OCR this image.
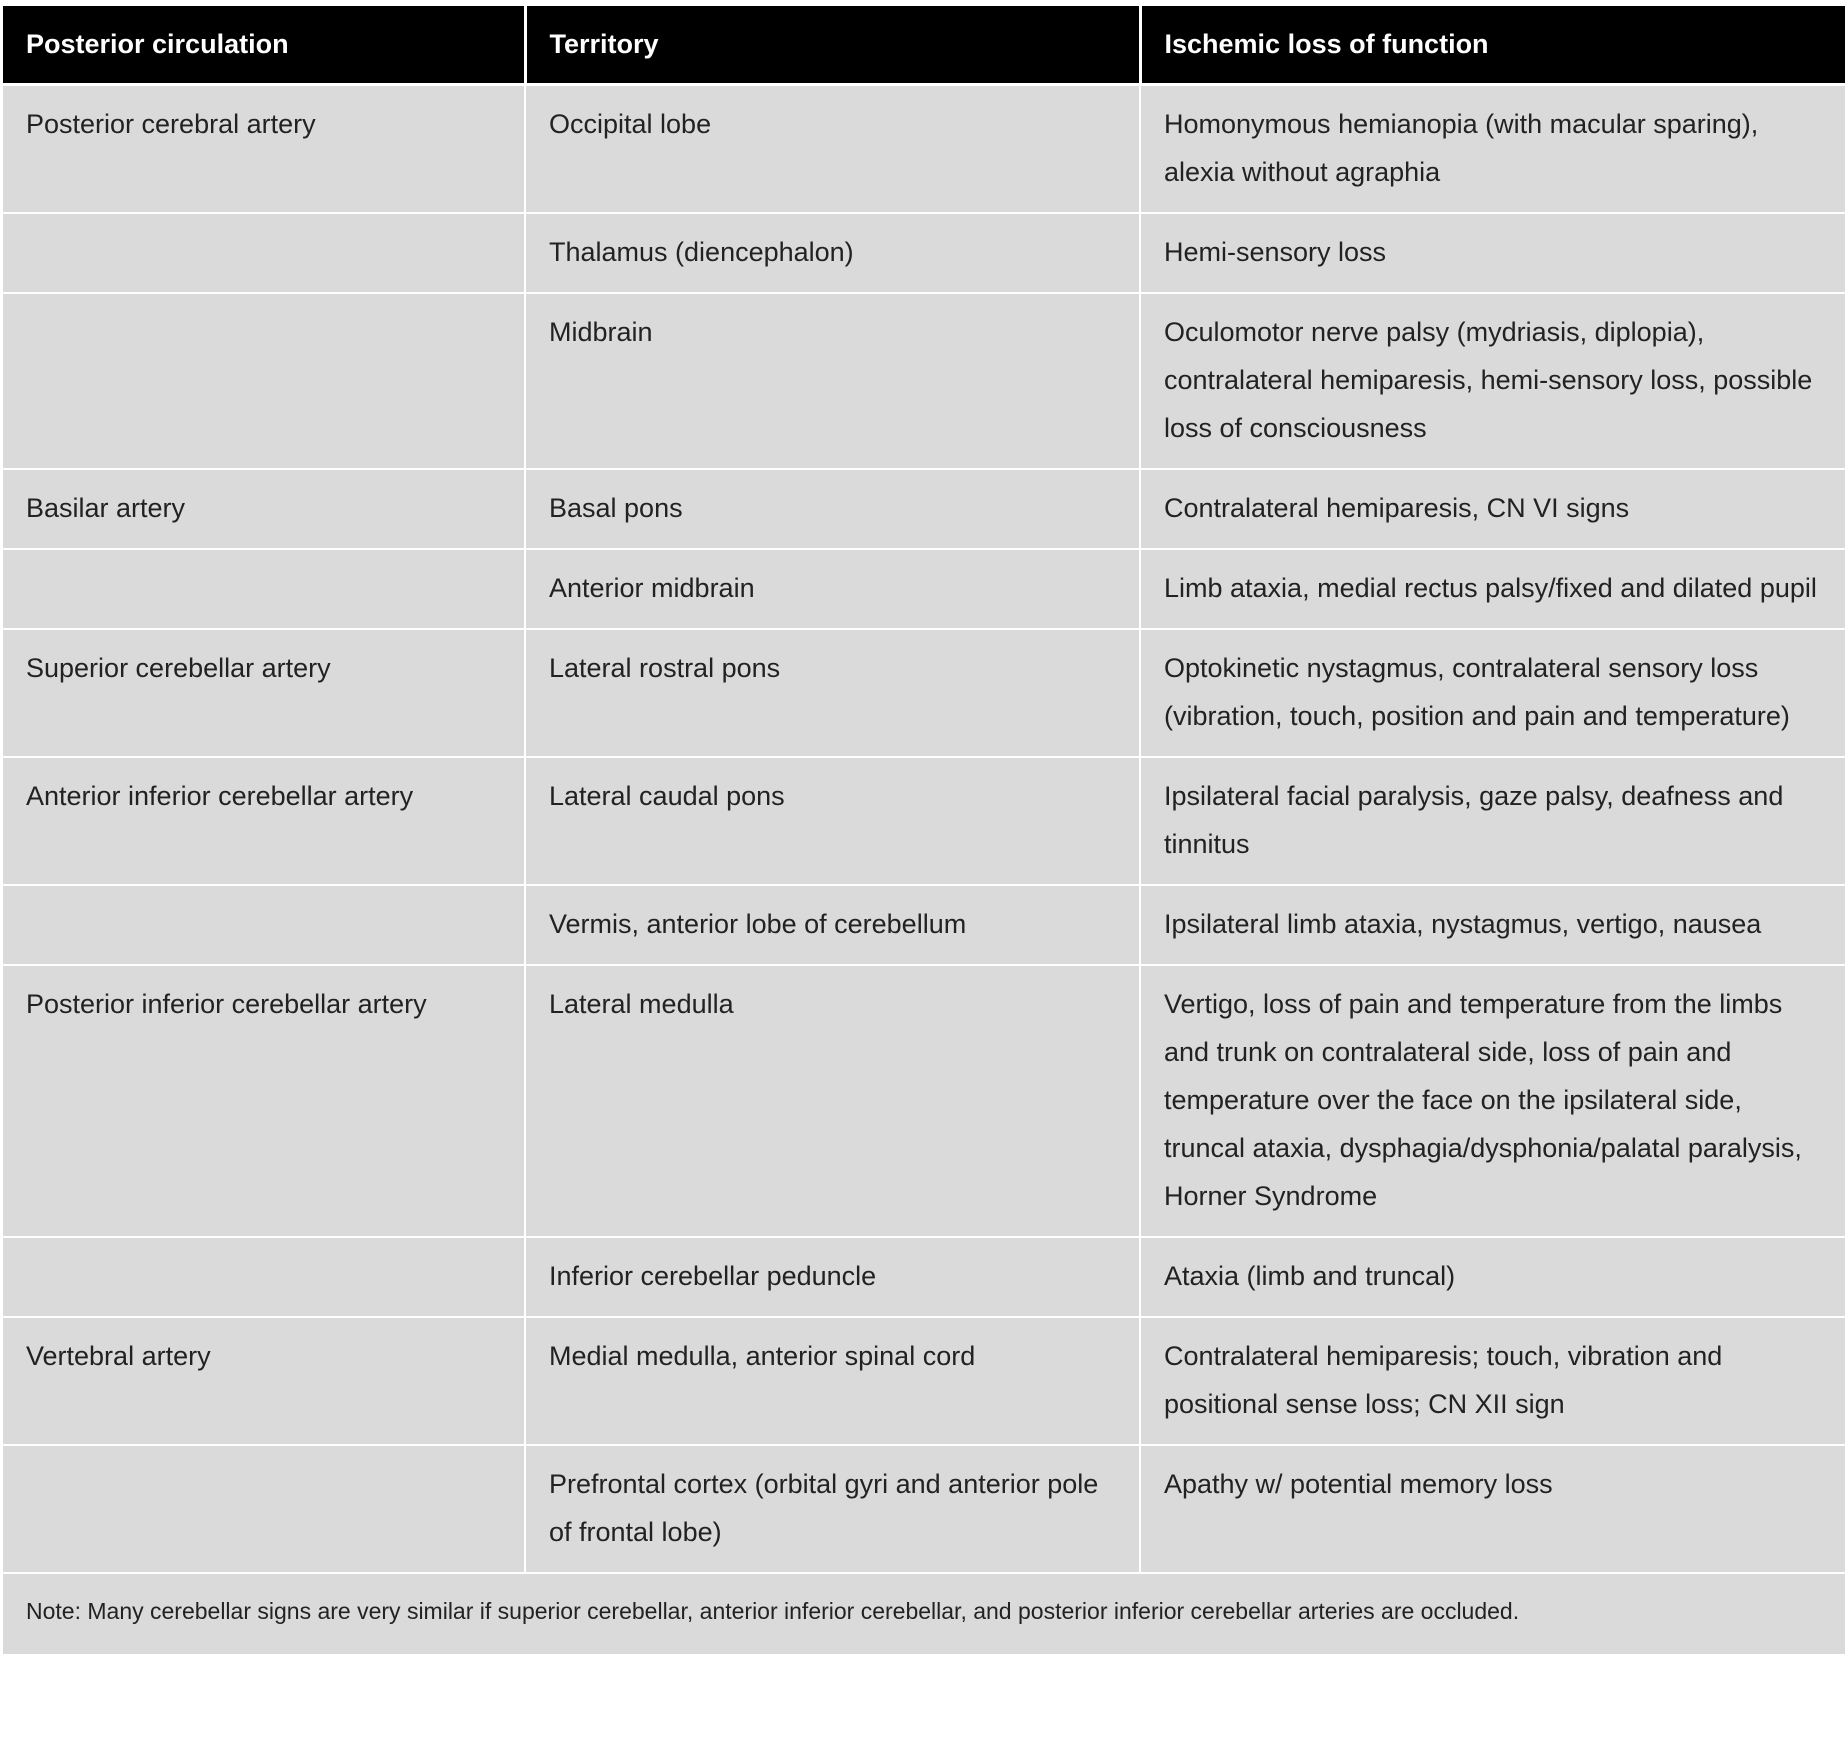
Posterior circulation	Territory	Ischemic loss of function
Posterior cerebral artery	Occipital lobe	Homonymous hemianopia (with macular sparing), alexia without agraphia
	Thalamus (diencephalon)	Hemi-sensory loss
	Midbrain	Oculomotor nerve palsy (mydriasis, diplopia), contralateral hemiparesis, hemi-sensory loss, possible loss of consciousness
Basilar artery	Basal pons	Contralateral hemiparesis, CN VI signs
	Anterior midbrain	Limb ataxia, medial rectus palsy/fixed and dilated pupil
Superior cerebellar artery	Lateral rostral pons	Optokinetic nystagmus, contralateral sensory loss (vibration, touch, position and pain and temperature)
Anterior inferior cerebellar artery	Lateral caudal pons	Ipsilateral facial paralysis, gaze palsy, deafness and tinnitus
	Vermis, anterior lobe of cerebellum	Ipsilateral limb ataxia, nystagmus, vertigo, nausea
Posterior inferior cerebellar artery	Lateral medulla	Vertigo, loss of pain and temperature from the limbs and trunk on contralateral side, loss of pain and temperature over the face on the ipsilateral side, truncal ataxia, dysphagia/dysphonia/palatal paralysis, Horner Syndrome
	Inferior cerebellar peduncle	Ataxia (limb and truncal)
Vertebral artery	Medial medulla, anterior spinal cord	Contralateral hemiparesis; touch, vibration and positional sense loss; CN XII sign
	Prefrontal cortex (orbital gyri and anterior pole of frontal lobe)	Apathy w/ potential memory loss
Note: Many cerebellar signs are very similar if superior cerebellar, anterior inferior cerebellar, and posterior inferior cerebellar arteries are occluded.		
